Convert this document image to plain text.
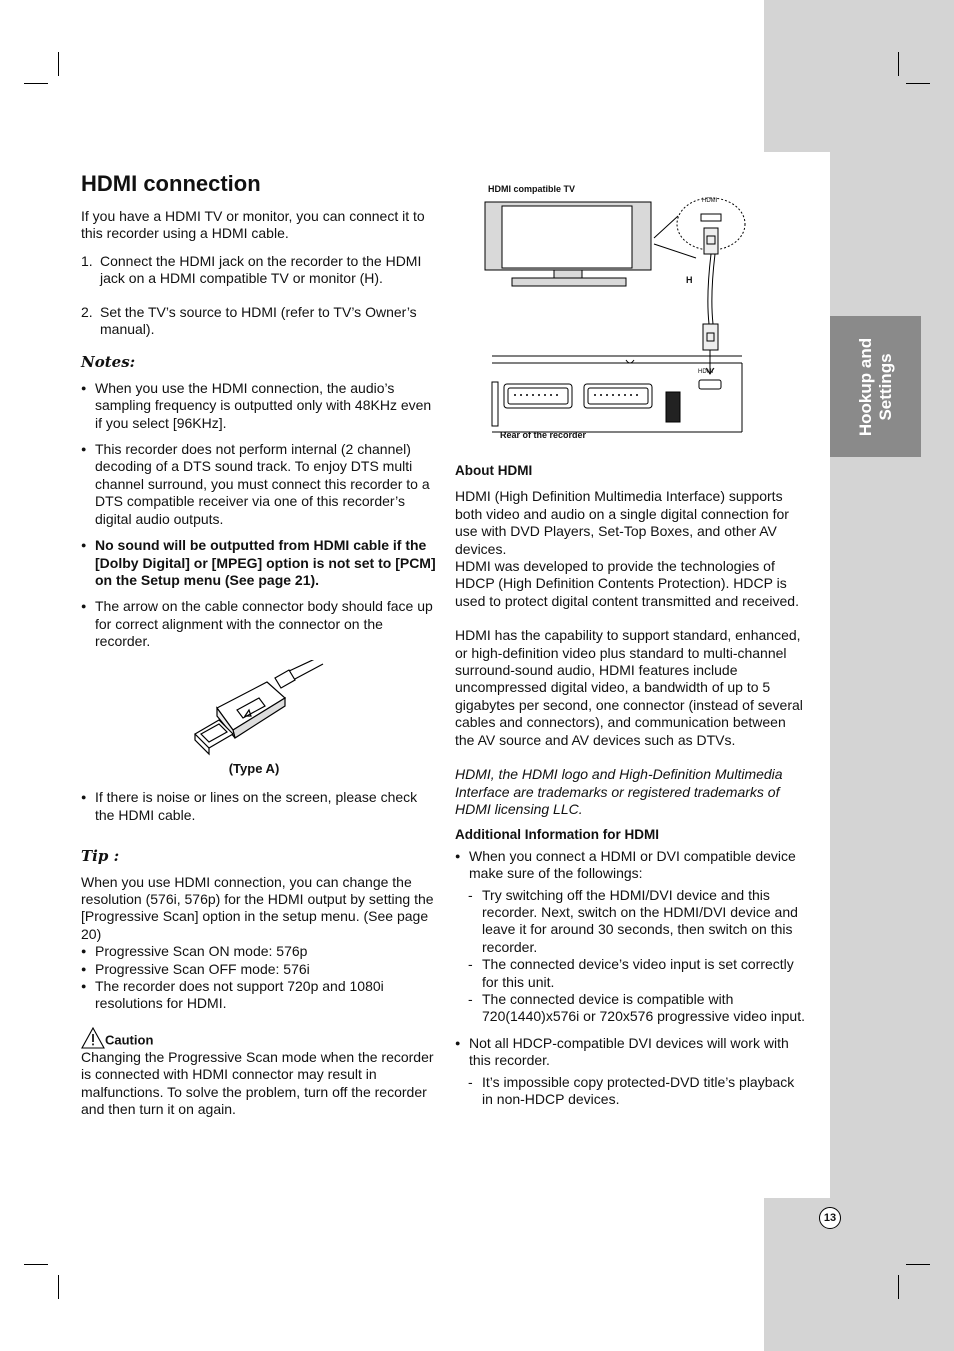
Hookup and
Settings
HDMI connection

If you have a HDMI TV or monitor, you can connect it to this recorder using a HDMI cable.

1. Connect the HDMI jack on the recorder to the HDMI jack on a HDMI compatible TV or monitor (H).
2. Set the TV’s source to HDMI (refer to TV’s Owner’s manual).
Notes:
● When you use the HDMI connection, the audio’s sampling frequency is outputted only with 48KHz even if you select [96KHz].
● This recorder does not perform internal (2 channel) decoding of a DTS sound track. To enjoy DTS multi channel surround, you must connect this recorder to a DTS compatible receiver via one of this recorder’s digital audio outputs.
● No sound will be outputted from HDMI cable if the [Dolby Digital] or [MPEG] option is not set to [PCM] on the Setup menu (See page 21).
● The arrow on the cable connector body should face up for correct alignment with the connector on the recorder.
(Type A)
● If there is noise or lines on the screen, please check the HDMI cable.
Tip :

When you use HDMI connection, you can change the resolution (576i, 576p) for the HDMI output by setting the [Progressive Scan] option in the setup menu. (See page 20)

● Progressive Scan ON mode: 576p
● Progressive Scan OFF mode: 576i
● The recorder does not support 720p and 1080i resolutions for HDMI.
Caution

Changing the Progressive Scan mode when the recorder is connected with HDMI connector may result in malfunctions. To solve the problem, turn off the recorder and then turn it on again.

HDMI compatible TV
HDMI
H
HDMI
Rear of the recorder

About HDMI

HDMI (High Definition Multimedia Interface) supports both video and audio on a single digital connection for use with DVD Players, Set-Top Boxes, and other AV devices.

HDMI was developed to provide the technologies of HDCP (High Definition Contents Protection). HDCP is used to protect digital content transmitted and received.

HDMI has the capability to support standard, enhanced, or high-definition video plus standard to multi-channel surround-sound audio, HDMI features include uncompressed digital video, a bandwidth of up to 5 gigabytes per second, one connector (instead of several cables and connectors), and communication between the AV source and AV devices such as DTVs.

HDMI, the HDMI logo and High-Definition Multimedia Interface are trademarks or registered trademarks of HDMI licensing LLC.

Additional Information for HDMI

● When you connect a HDMI or DVI compatible device make sure of the followings:
- Try switching off the HDMI/DVI device and this recorder. Next, switch on the HDMI/DVI device and leave it for around 30 seconds, then switch on this recorder.
- The connected device’s video input is set correctly for this unit.
- The connected device is compatible with 720(1440)x576i or 720x576 progressive video input.
● Not all HDCP-compatible DVI devices will work with this recorder.
- It’s impossible copy protected-DVD title’s playback in non-HDCP devices.
13
